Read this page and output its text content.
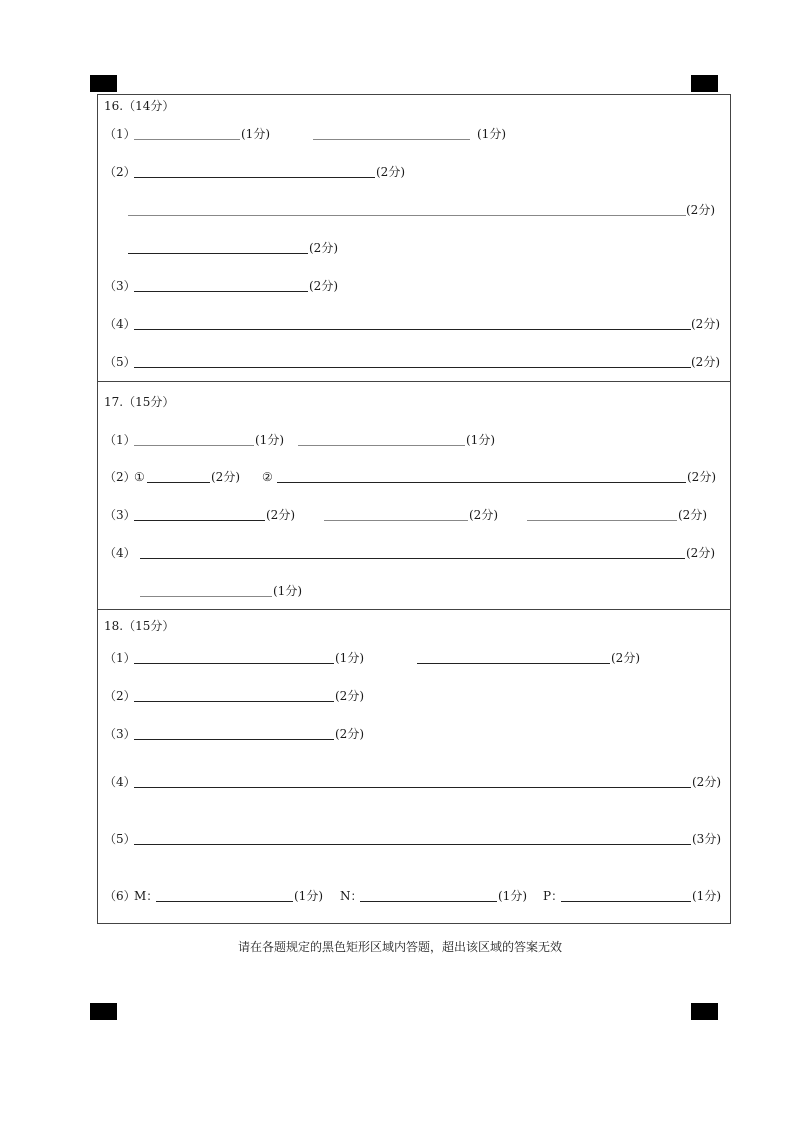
16.（14分）
（1）	(1分)	(1分)
（2）	(2分)
(2分)
(2分)
（3）	(2分)
（4）	(2分)
（5）	(2分)
17.（15分）
（1）	(1分)	(1分)
（2）
①	(2分) ②	(2分)
（3）	(2分)	(2分)	(2分)
（4）	(2分)
(1分)
18.（15分）
（1）	(1分)	(2分)
（2）	(2分)
（3）	(2分)
（4）	(2分)
（5）	(3分)
（6）
M：	(1分) N：	(1分) P：	(1分)
请在各题规定的黑色矩形区域内答题，超出该区域的答案无效
